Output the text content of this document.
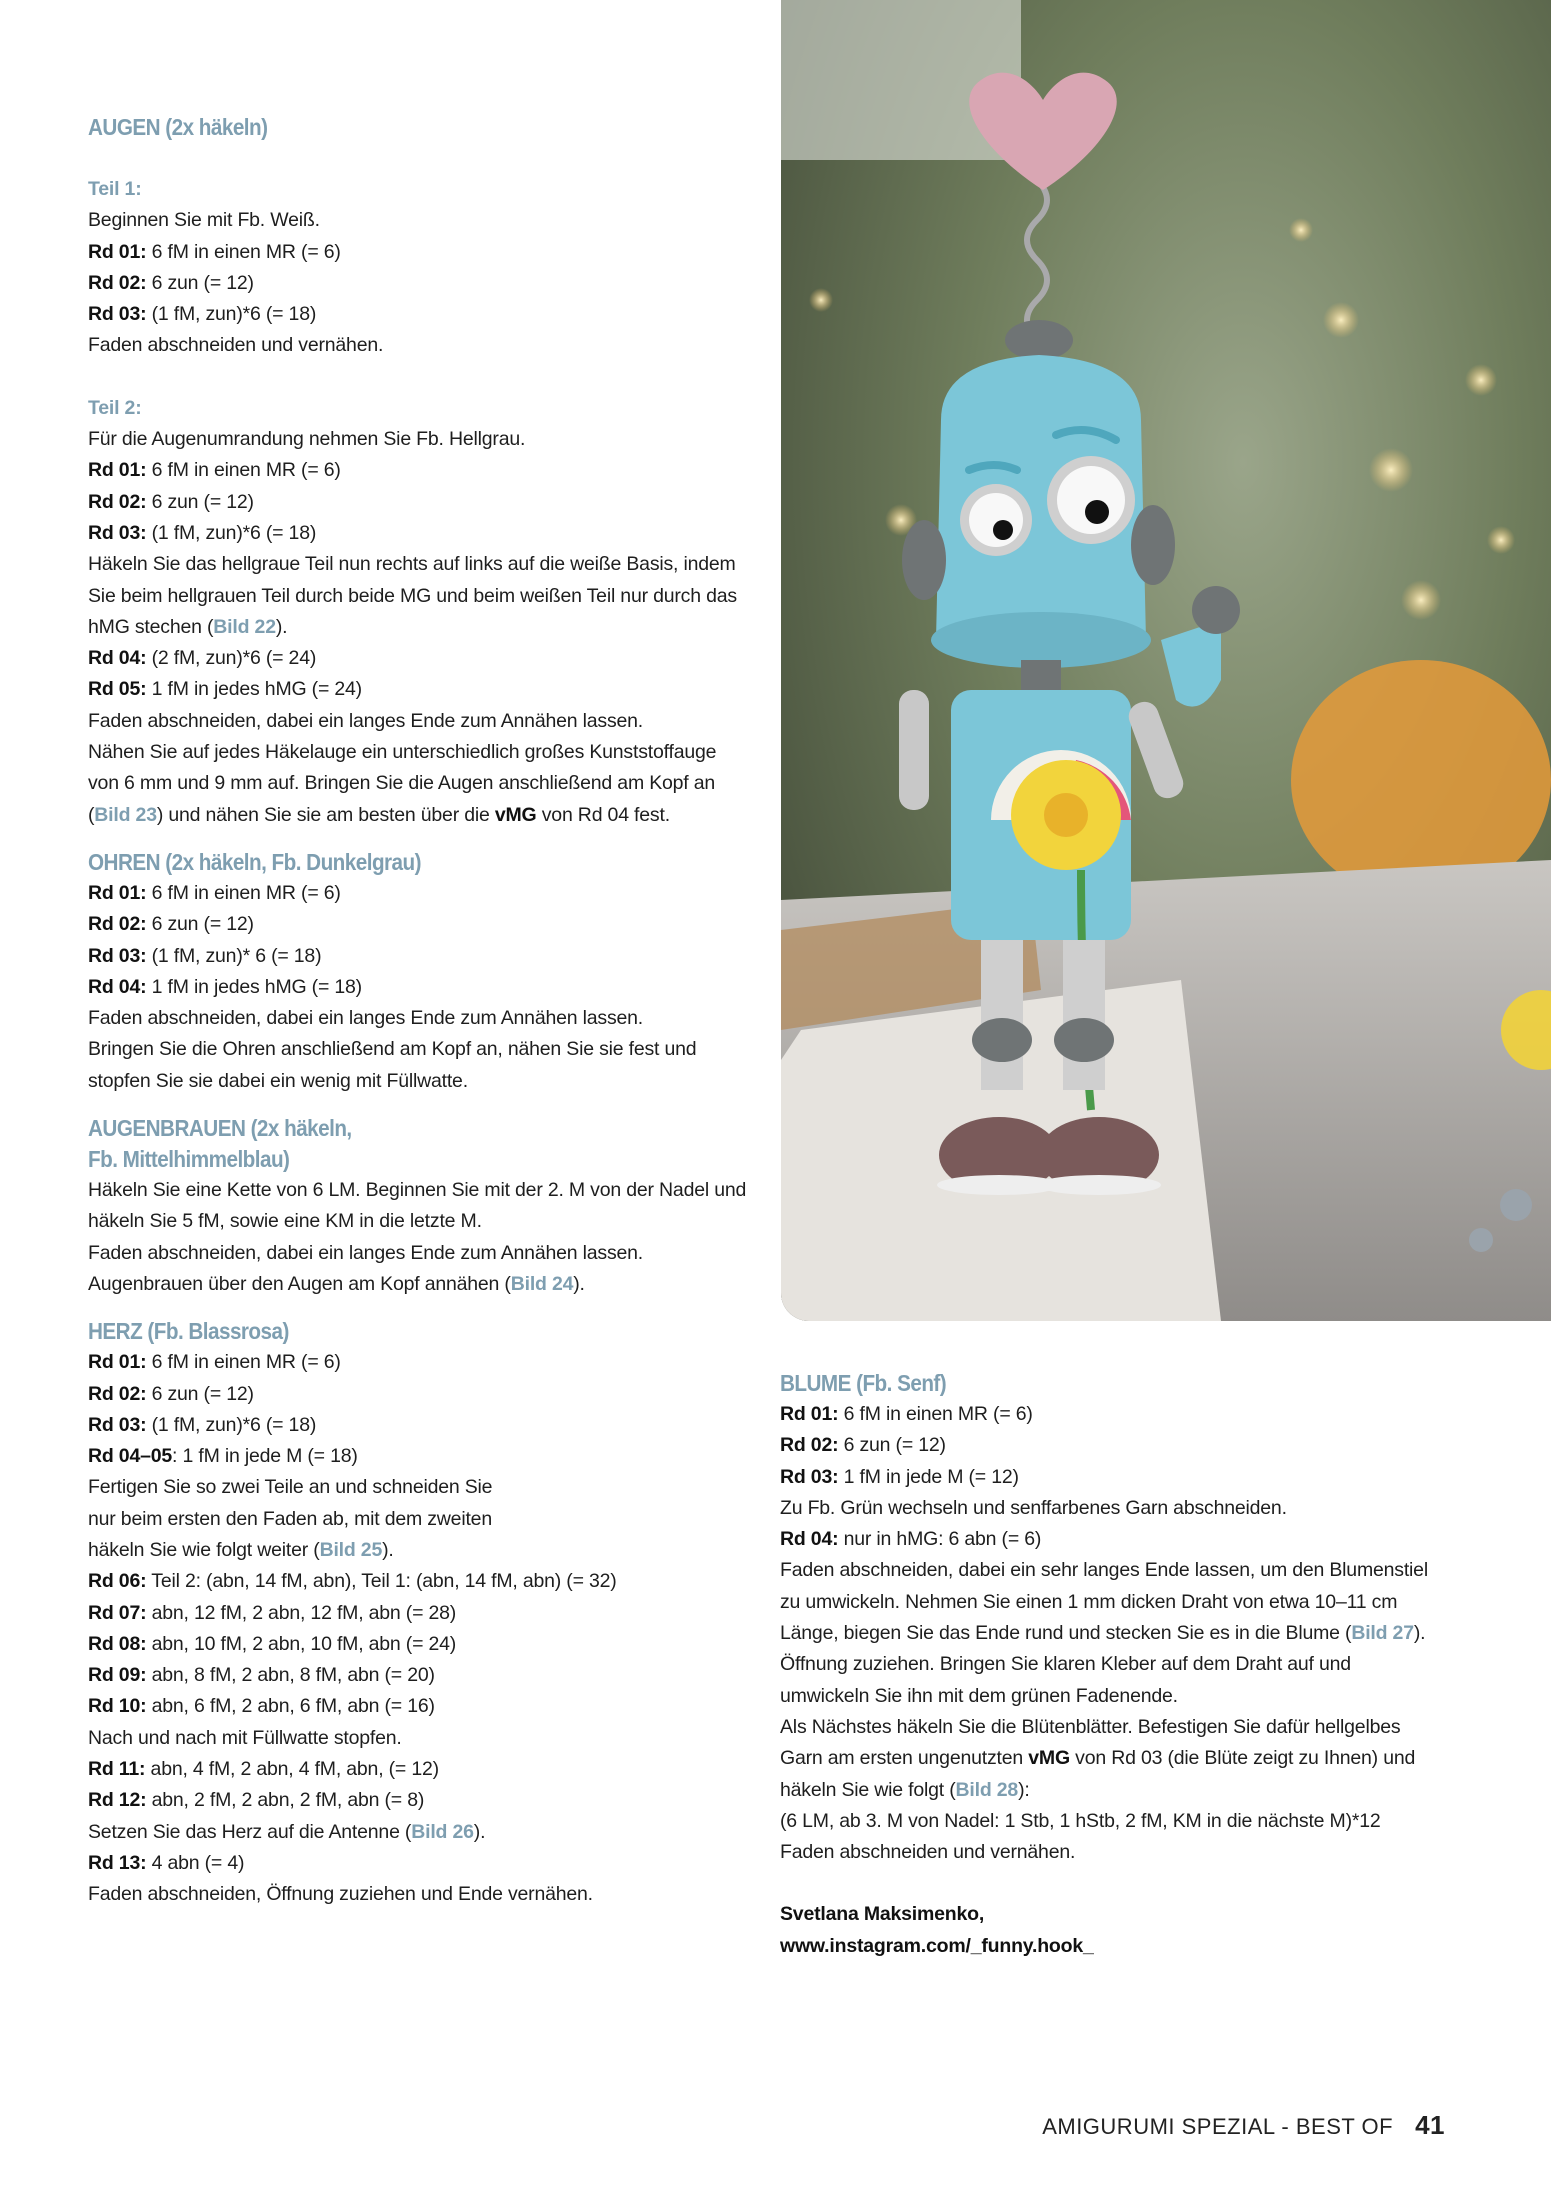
AUGEN (2x häkeln)
Teil 1:

Beginnen Sie mit Fb. Weiß.

Rd 01: 6 fM in einen MR (= 6)

Rd 02: 6 zun (= 12)

Rd 03: (1 fM, zun)*6 (= 18)

Faden abschneiden und vernähen.

Teil 2:

Für die Augenumrandung nehmen Sie Fb. Hellgrau.

Rd 01: 6 fM in einen MR (= 6)

Rd 02: 6 zun (= 12)

Rd 03: (1 fM, zun)*6 (= 18)

Häkeln Sie das hellgraue Teil nun rechts auf links auf die weiße Basis, indem Sie beim hellgrauen Teil durch beide MG und beim weißen Teil nur durch das hMG stechen (Bild 22).

Rd 04: (2 fM, zun)*6 (= 24)

Rd 05: 1 fM in jedes hMG (= 24)

Faden abschneiden, dabei ein langes Ende zum Annähen lassen.

Nähen Sie auf jedes Häkelauge ein unterschiedlich großes Kunststoffauge von 6 mm und 9 mm auf. Bringen Sie die Augen anschließend am Kopf an (Bild 23) und nähen Sie sie am besten über die vMG von Rd 04 fest.

OHREN (2x häkeln, Fb. Dunkelgrau)

Rd 01: 6 fM in einen MR (= 6)

Rd 02: 6 zun (= 12)

Rd 03: (1 fM, zun)* 6 (= 18)

Rd 04: 1 fM in jedes hMG (= 18)

Faden abschneiden, dabei ein langes Ende zum Annähen lassen.

Bringen Sie die Ohren anschließend am Kopf an, nähen Sie sie fest und stopfen Sie sie dabei ein wenig mit Füllwatte.

AUGENBRAUEN (2x häkeln,
Fb. Mittelhimmelblau)

Häkeln Sie eine Kette von 6 LM. Beginnen Sie mit der 2. M von der Nadel und häkeln Sie 5 fM, sowie eine KM in die letzte M.

Faden abschneiden, dabei ein langes Ende zum Annähen lassen. Augenbrauen über den Augen am Kopf annähen (Bild 24).

HERZ (Fb. Blassrosa)

Rd 01: 6 fM in einen MR (= 6)

Rd 02: 6 zun (= 12)

Rd 03: (1 fM, zun)*6 (= 18)

Rd 04–05: 1 fM in jede M (= 18)

Fertigen Sie so zwei Teile an und schneiden Sie

nur beim ersten den Faden ab, mit dem zweiten

häkeln Sie wie folgt weiter (Bild 25).

Rd 06: Teil 2: (abn, 14 fM, abn), Teil 1: (abn, 14 fM, abn) (= 32)

Rd 07: abn, 12 fM, 2 abn, 12 fM, abn (= 28)

Rd 08: abn, 10 fM, 2 abn, 10 fM, abn (= 24)

Rd 09: abn, 8 fM, 2 abn, 8 fM, abn (= 20)

Rd 10: abn, 6 fM, 2 abn, 6 fM, abn (= 16)

Nach und nach mit Füllwatte stopfen.

Rd 11: abn, 4 fM, 2 abn, 4 fM, abn, (= 12)

Rd 12: abn, 2 fM, 2 abn, 2 fM, abn (= 8)

Setzen Sie das Herz auf die Antenne (Bild 26).

Rd 13: 4 abn (= 4)

Faden abschneiden, Öffnung zuziehen und Ende vernähen.

BLUME (Fb. Senf)

Rd 01: 6 fM in einen MR (= 6)

Rd 02: 6 zun (= 12)

Rd 03: 1 fM in jede M (= 12)

Zu Fb. Grün wechseln und senffarbenes Garn abschneiden.

Rd 04: nur in hMG: 6 abn (= 6)

Faden abschneiden, dabei ein sehr langes Ende lassen, um den Blumenstiel zu umwickeln. Nehmen Sie einen 1 mm dicken Draht von etwa 10–11 cm Länge, biegen Sie das Ende rund und stecken Sie es in die Blume (Bild 27). Öffnung zuziehen. Bringen Sie klaren Kleber auf dem Draht auf und umwickeln Sie ihn mit dem grünen Fadenende.

Als Nächstes häkeln Sie die Blütenblätter. Befestigen Sie dafür hellgelbes Garn am ersten ungenutzten vMG von Rd 03 (die Blüte zeigt zu Ihnen) und häkeln Sie wie folgt (Bild 28):

(6 LM, ab 3. M von Nadel: 1 Stb, 1 hStb, 2 fM, KM in die nächste M)*12

Faden abschneiden und vernähen.

Svetlana Maksimenko,

www.instagram.com/_funny.hook_

AMIGURUMI SPEZIAL - BEST OF 41
